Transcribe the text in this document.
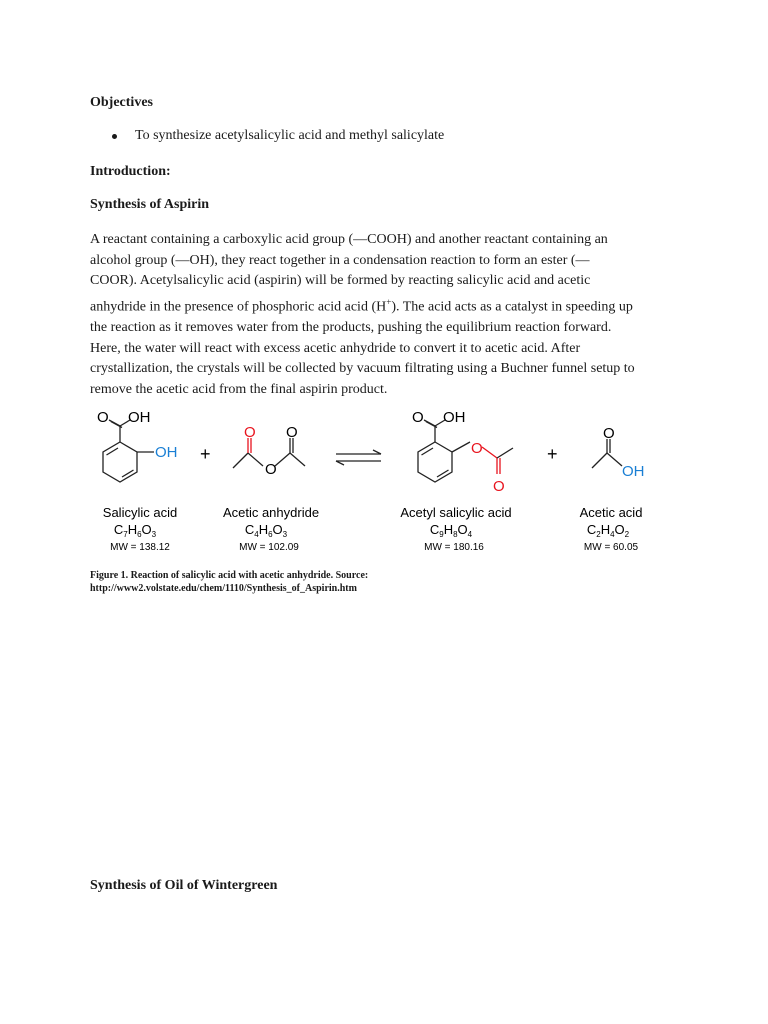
Objectives
To synthesize acetylsalicylic acid and methyl salicylate
Introduction:
Synthesis of Aspirin
A reactant containing a carboxylic acid group (—COOH) and another reactant containing an
alcohol group (—OH), they react together in a condensation reaction to form an ester (—
COOR). Acetylsalicylic acid (aspirin) will be formed by reacting salicylic acid and acetic
anhydride in the presence of phosphoric acid acid (H+). The acid acts as a catalyst in speeding up
the reaction as it removes water from the products, pushing the equilibrium reaction forward.
Here, the water will react with excess acetic anhydride to convert it to acetic acid. After
crystallization, the crystals will be collected by vacuum filtrating using a Buchner funnel setup to
remove the acetic acid from the final aspirin product.
O OH
OH
O O
O
O OH
O
O
O
OH
+	+
Salicylic acid
$C_7H_6O_3$
MW = 138.12
Acetic anhydride
$C_4H_6O_3$
MW = 102.09
Acetyl salicylic acid
$C_9H_8O_4$
MW = 180.16
Acetic acid
$C_2H_4O_2$
MW = 60.05
Figure 1. Reaction of salicylic acid with acetic anhydride. Source:
http://www2.volstate.edu/chem/1110/Synthesis_of_Aspirin.htm
Synthesis of Oil of Wintergreen
